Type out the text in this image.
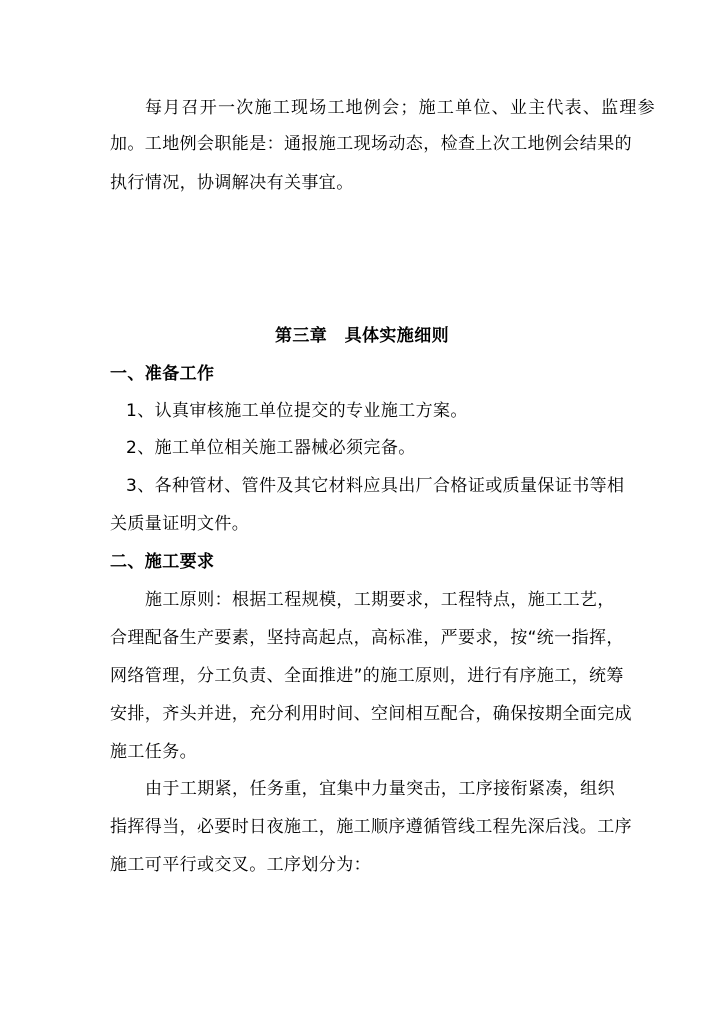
每月召开一次施工现场工地例会；施工单位、业主代表、监理参
加。工地例会职能是：通报施工现场动态，检查上次工地例会结果的
执行情况，协调解决有关事宜。
第三章　具体实施细则
一、准备工作
1、认真审核施工单位提交的专业施工方案。
2、施工单位相关施工器械必须完备。
3、各种管材、管件及其它材料应具出厂合格证或质量保证书等相
关质量证明文件。
二、施工要求
施工原则：根据工程规模，工期要求，工程特点，施工工艺，
合理配备生产要素，坚持高起点，高标准，严要求，按“统一指挥，
网络管理，分工负责、全面推进”的施工原则，进行有序施工，统筹
安排，齐头并进，充分利用时间、空间相互配合，确保按期全面完成
施工任务。
由于工期紧，任务重，宜集中力量突击，工序接衔紧凑，组织
指挥得当，必要时日夜施工，施工顺序遵循管线工程先深后浅。工序
施工可平行或交叉。工序划分为：
